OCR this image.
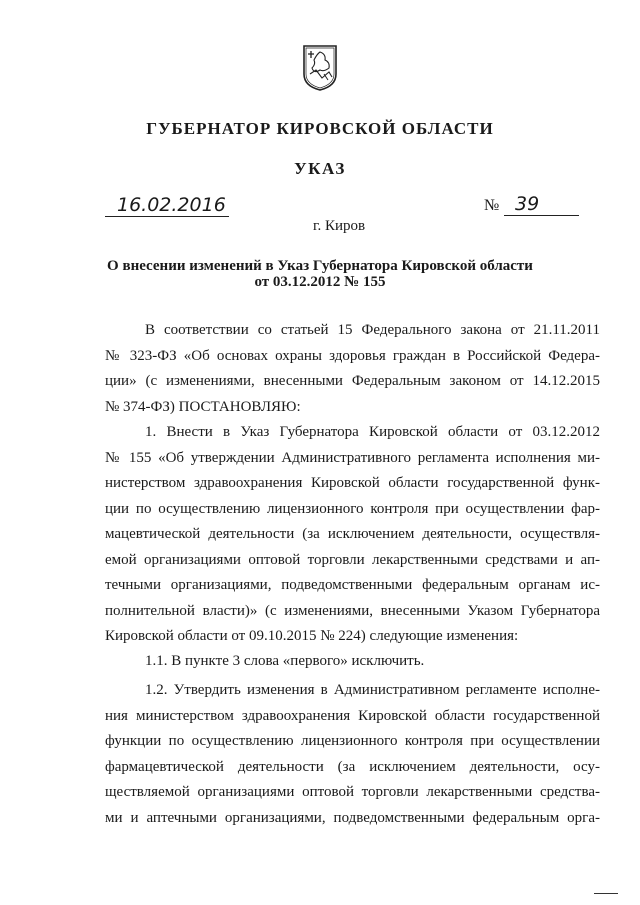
ГУБЕРНАТОР КИРОВСКОЙ ОБЛАСТИ
УКАЗ
16.02.2016	№ 39
г. Киров
О внесении изменений в Указ Губернатора Кировской области
от 03.12.2012 № 155
В соответствии со статьей 15 Федерального закона от 21.11.2011
№ 323-ФЗ «Об основах охраны здоровья граждан в Российской Федера-
ции» (с изменениями, внесенными Федеральным законом от 14.12.2015
№ 374-ФЗ) ПОСТАНОВЛЯЮ:
1. Внести в Указ Губернатора Кировской области от 03.12.2012
№ 155 «Об утверждении Административного регламента исполнения ми-
нистерством здравоохранения Кировской области государственной функ-
ции по осуществлению лицензионного контроля при осуществлении фар-
мацевтической деятельности (за исключением деятельности, осуществля-
емой организациями оптовой торговли лекарственными средствами и ап-
течными организациями, подведомственными федеральным органам ис-
полнительной власти)» (с изменениями, внесенными Указом Губернатора
Кировской области от 09.10.2015 № 224) следующие изменения:
1.1. В пункте 3 слова «первого» исключить.
1.2. Утвердить изменения в Административном регламенте исполне-
ния министерством здравоохранения Кировской области государственной
функции по осуществлению лицензионного контроля при осуществлении
фармацевтической деятельности (за исключением деятельности, осу-
ществляемой организациями оптовой торговли лекарственными средства-
ми и аптечными организациями, подведомственными федеральным орга-
